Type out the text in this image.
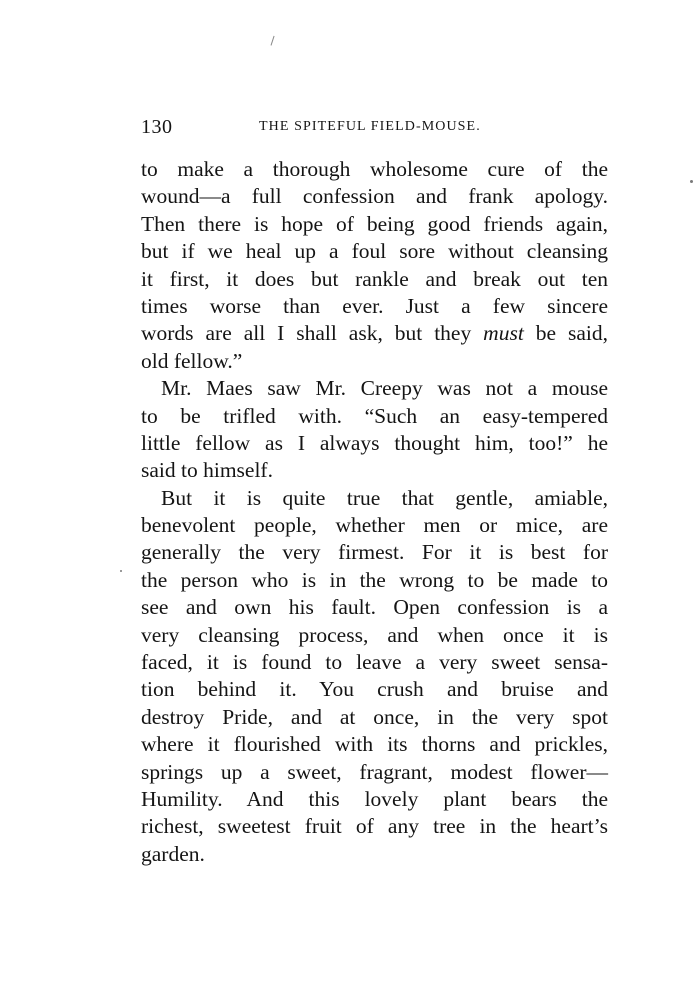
130	THE SPITEFUL FIELD-MOUSE.
to make a thorough wholesome cure of the
wound—a full confession and frank apology.
Then there is hope of being good friends again,
but if we heal up a foul sore without cleansing
it first, it does but rankle and break out ten
times worse than ever. Just a few sincere
words are all I shall ask, but they must be said,
old fellow.”
Mr. Maes saw Mr. Creepy was not a mouse
to be trifled with. “Such an easy-tempered
little fellow as I always thought him, too!” he
said to himself.
But it is quite true that gentle, amiable,
benevolent people, whether men or mice, are
generally the very firmest. For it is best for
the person who is in the wrong to be made to
see and own his fault. Open confession is a
very cleansing process, and when once it is
faced, it is found to leave a very sweet sensa-
tion behind it. You crush and bruise and
destroy Pride, and at once, in the very spot
where it flourished with its thorns and prickles,
springs up a sweet, fragrant, modest flower—
Humility. And this lovely plant bears the
richest, sweetest fruit of any tree in the heart’s
garden.
